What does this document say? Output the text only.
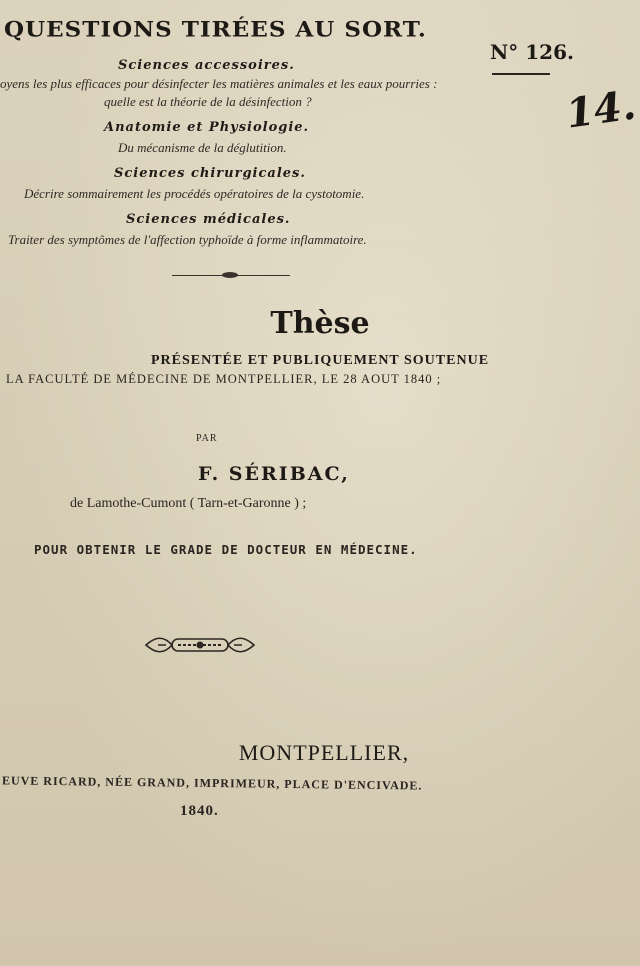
QUESTIONS TIRÉES AU SORT.
N° 126.
14.
Sciences accessoires.
oyens les plus efficaces pour désinfecter les matières animales et les eaux pourries :
quelle est la théorie de la désinfection ?
Anatomie et Physiologie.
Du mécanisme de la déglutition.
Sciences chirurgicales.
Décrire sommairement les procédés opératoires de la cystotomie.
Sciences médicales.
Traiter des symptômes de l'affection typhoïde à forme inflammatoire.
Thèse
PRÉSENTÉE ET PUBLIQUEMENT SOUTENUE
LA FACULTÉ DE MÉDECINE DE MONTPELLIER, LE 28 AOUT 1840 ;
PAR
F. SÉRIBAC,
de Lamothe-Cumont ( Tarn-et-Garonne ) ;
POUR OBTENIR LE GRADE DE DOCTEUR EN MÉDECINE.
MONTPELLIER,
EUVE RICARD, NÉE GRAND, IMPRIMEUR, PLACE D'ENCIVADE.
1840.
